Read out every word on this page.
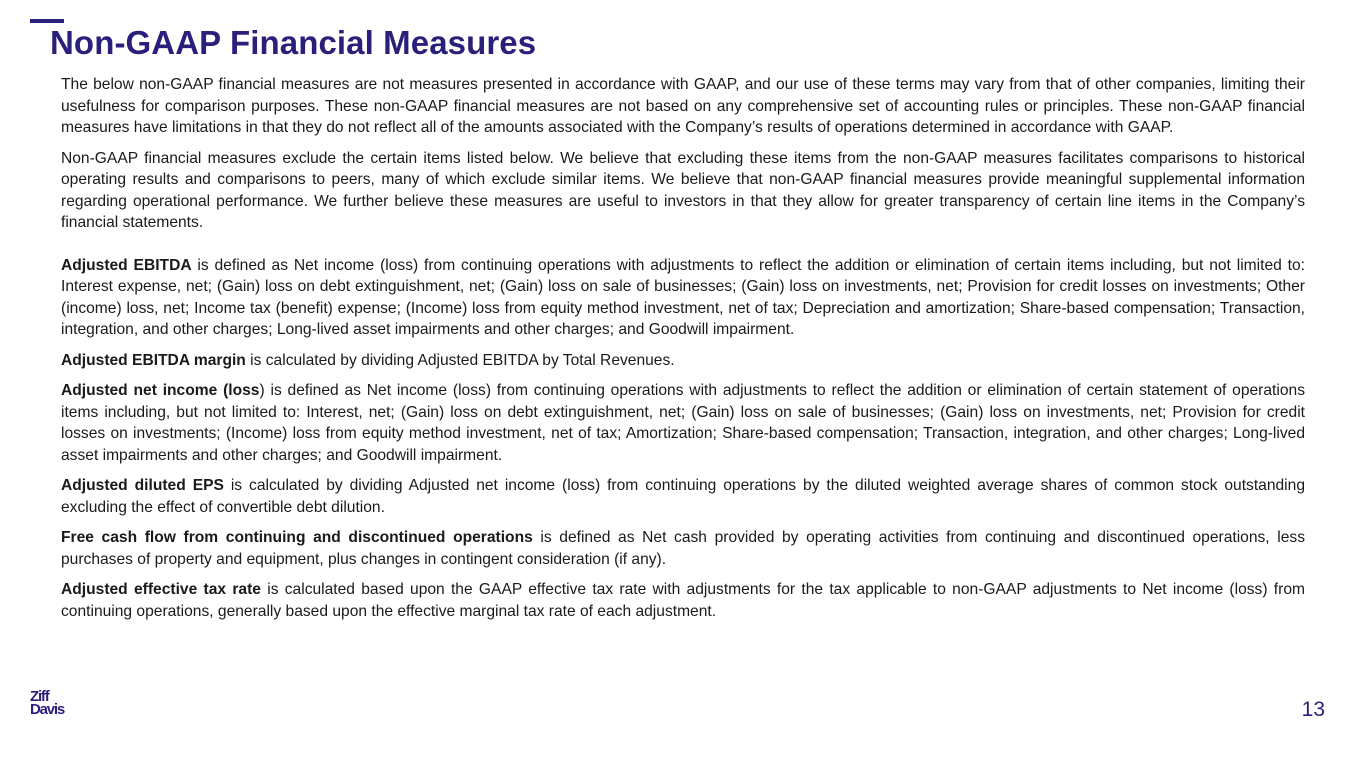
Non-GAAP Financial Measures

The below non-GAAP financial measures are not measures presented in accordance with GAAP, and our use of these terms may vary from that of other companies, limiting their usefulness for comparison purposes. These non-GAAP financial measures are not based on any comprehensive set of accounting rules or principles. These non-GAAP financial measures have limitations in that they do not reflect all of the amounts associated with the Company’s results of operations determined in accordance with GAAP.

Non-GAAP financial measures exclude the certain items listed below. We believe that excluding these items from the non-GAAP measures facilitates comparisons to historical operating results and comparisons to peers, many of which exclude similar items. We believe that non-GAAP financial measures provide meaningful supplemental information regarding operational performance. We further believe these measures are useful to investors in that they allow for greater transparency of certain line items in the Company’s financial statements.

Adjusted EBITDA is defined as Net income (loss) from continuing operations with adjustments to reflect the addition or elimination of certain items including, but not limited to: Interest expense, net; (Gain) loss on debt extinguishment, net; (Gain) loss on sale of businesses; (Gain) loss on investments, net; Provision for credit losses on investments; Other (income) loss, net; Income tax (benefit) expense; (Income) loss from equity method investment, net of tax; Depreciation and amortization; Share-based compensation; Transaction, integration, and other charges; Long-lived asset impairments and other charges; and Goodwill impairment.

Adjusted EBITDA margin is calculated by dividing Adjusted EBITDA by Total Revenues.

Adjusted net income (loss) is defined as Net income (loss) from continuing operations with adjustments to reflect the addition or elimination of certain statement of operations items including, but not limited to: Interest, net; (Gain) loss on debt extinguishment, net; (Gain) loss on sale of businesses; (Gain) loss on investments, net; Provision for credit losses on investments; (Income) loss from equity method investment, net of tax; Amortization; Share-based compensation; Transaction, integration, and other charges; Long-lived asset impairments and other charges; and Goodwill impairment.

Adjusted diluted EPS is calculated by dividing Adjusted net income (loss) from continuing operations by the diluted weighted average shares of common stock outstanding excluding the effect of convertible debt dilution.

Free cash flow from continuing and discontinued operations is defined as Net cash provided by operating activities from continuing and discontinued operations, less purchases of property and equipment, plus changes in contingent consideration (if any).

Adjusted effective tax rate is calculated based upon the GAAP effective tax rate with adjustments for the tax applicable to non-GAAP adjustments to Net income (loss) from continuing operations, generally based upon the effective marginal tax rate of each adjustment.

Ziff
Davis	13
